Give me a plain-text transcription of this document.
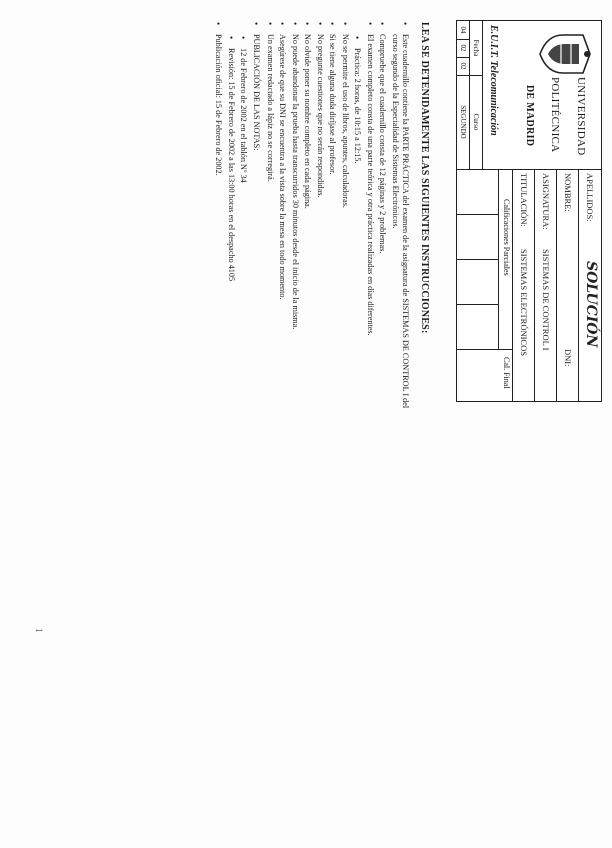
UNIVERSIDAD
POLITÉCNICA
DE MADRID
E.U.I.T. Telecomunicación
Fecha
Curso
04
02
02
SEGUNDO
APELLIDOS:
SOLUCIÓN
NOMBRE:
DNI:
ASIGNATURA:
SISTEMAS DE CONTROL I
TITULACIÓN:
SISTEMAS ELECTRÓNICOS
Calificaciones Parciales
Cal. Final
LEA SE DETENIDAMENTE LAS SIGUIENTES INSTRUCCIONES:
• Este cuadernillo contiene la PARTE PRÁCTICA del examen de la asignatura de SISTEMAS DE CONTROL I del curso segundo de la Especialidad de Sistemas Electrónicos.
• Compruebe que el cuadernillo consta de 12 páginas y 2 problemas.
• El examen completo consta de una parte teórica y otra práctica realizadas en días diferentes.
• Práctica: 2 horas, de 10:15 a 12:15.
• No se permite el uso de libros, apuntes, calculadoras.
• Si se tiene alguna duda diríjase al profesor.
• No pregunte cuestiones que no serán respondidas.
• No olvide poner su nombre completo en cada página.
• No puede abandonar la prueba hasta transcurridos 30 minutos desde el inicio de la misma.
• Asegúrese de que su DNI se encuentra a la vista sobre la mesa en todo momento.
• Un examen redactado a lápiz no se corregirá.
• PUBLICACIÓN DE LAS NOTAS:
• 12 de Febrero de 2002 en el tablón Nº 34
• Revisión: 15 de Febrero de 2002 a las 13:00 horas en el despacho 4105
• Publicación oficial: 15 de Febrero de 2002.
1
